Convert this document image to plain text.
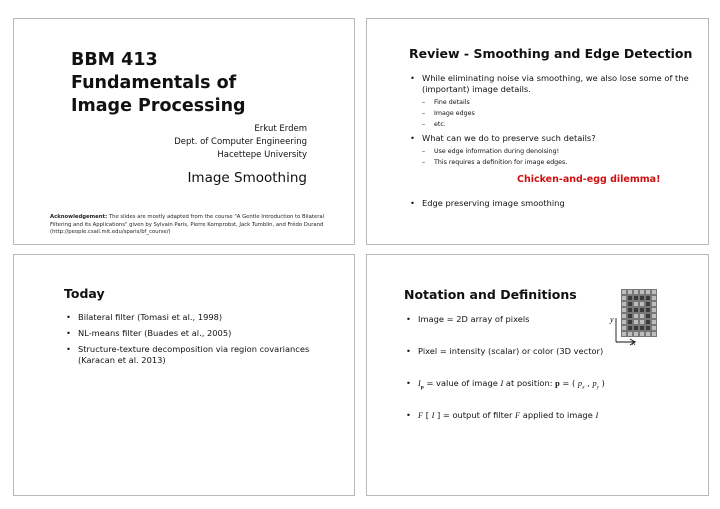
BBM 413
Fundamentals of
Image Processing
Erkut Erdem
Dept. of Computer Engineering
Hacettepe University
Image Smoothing
Acknowledgement: The slides are mostly adapted from the course "A Gentle Introduction to Bilateral
Filtering and its Applications" given by Sylvain Paris, Pierre Kornprobst, Jack Tumblin, and Frédo Durand
(http://people.csail.mit.edu/sparis/bf_course/)
Review - Smoothing and Edge Detection
• While eliminating noise via smoothing, we also lose some of the
(important) image details.
– Fine details
– Image edges
– etc.
• What can we do to preserve such details?
– Use edge information during denoising!
– This requires a definition for image edges.
Chicken-and-egg dilemma!
• Edge preserving image smoothing
Today
• Bilateral filter (Tomasi et al., 1998)
• NL-means filter (Buades et al., 2005)
• Structure-texture decomposition via region covariances
(Karacan et al. 2013)
Notation and Definitions
y
x
• Image = 2D array of pixels
• Pixel = intensity (scalar) or color (3D vector)
• $I_p$ = value of image I at position: p = ( $p_x$ , $p_y$ )
• F [ I ] = output of filter F applied to image I
